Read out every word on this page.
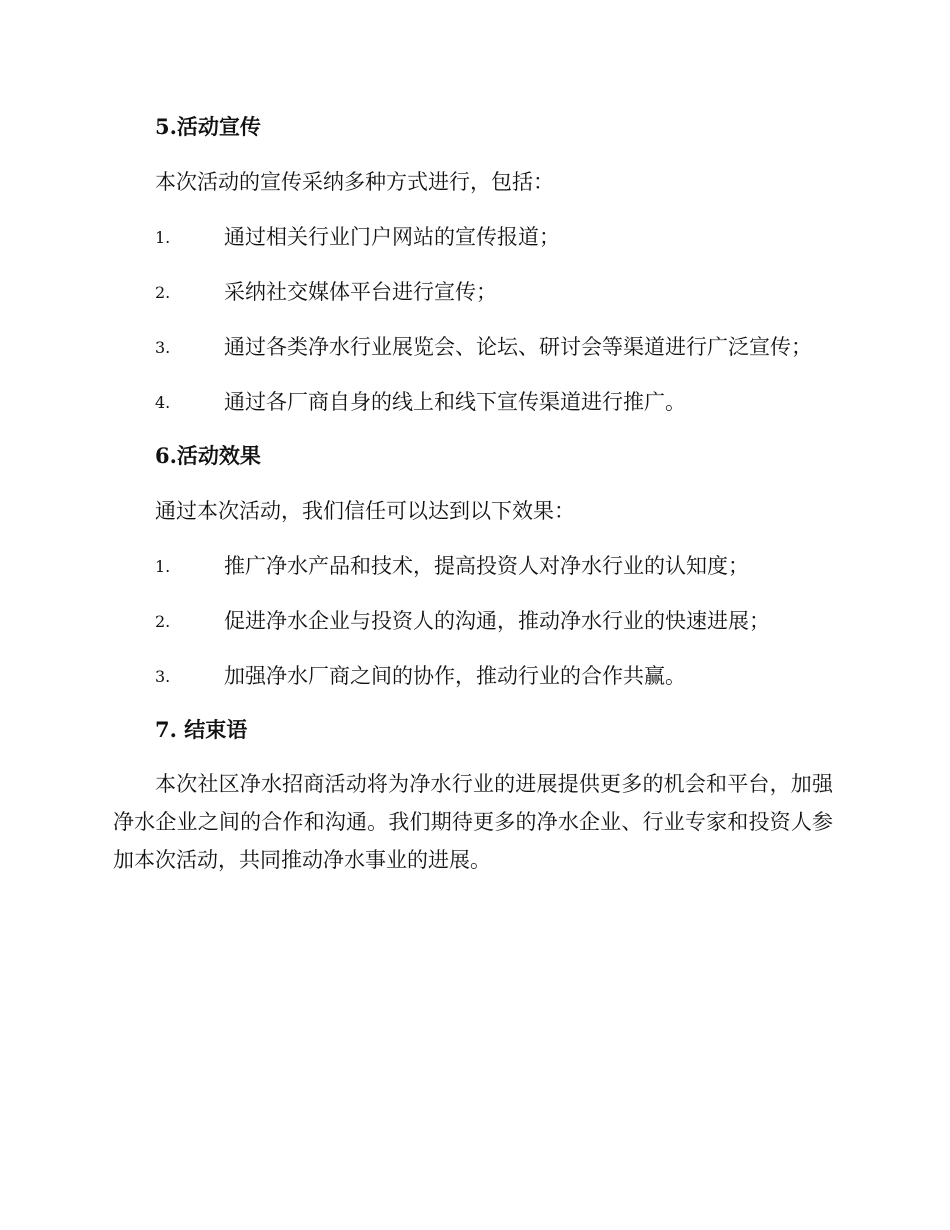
5.活动宣传
本次活动的宣传采纳多种方式进行，包括：
1.	通过相关行业门户网站的宣传报道；
2.	采纳社交媒体平台进行宣传；
3.	通过各类净水行业展览会、论坛、研讨会等渠道进行广泛宣传；
4.	通过各厂商自身的线上和线下宣传渠道进行推广。
6.活动效果
通过本次活动，我们信任可以达到以下效果：
1.	推广净水产品和技术，提高投资人对净水行业的认知度；
2.	促进净水企业与投资人的沟通，推动净水行业的快速进展；
3.	加强净水厂商之间的协作，推动行业的合作共赢。
7. 结束语
本次社区净水招商活动将为净水行业的进展提供更多的机会和平台，加强净水企业之间的合作和沟通。我们期待更多的净水企业、行业专家和投资人参加本次活动，共同推动净水事业的进展。
